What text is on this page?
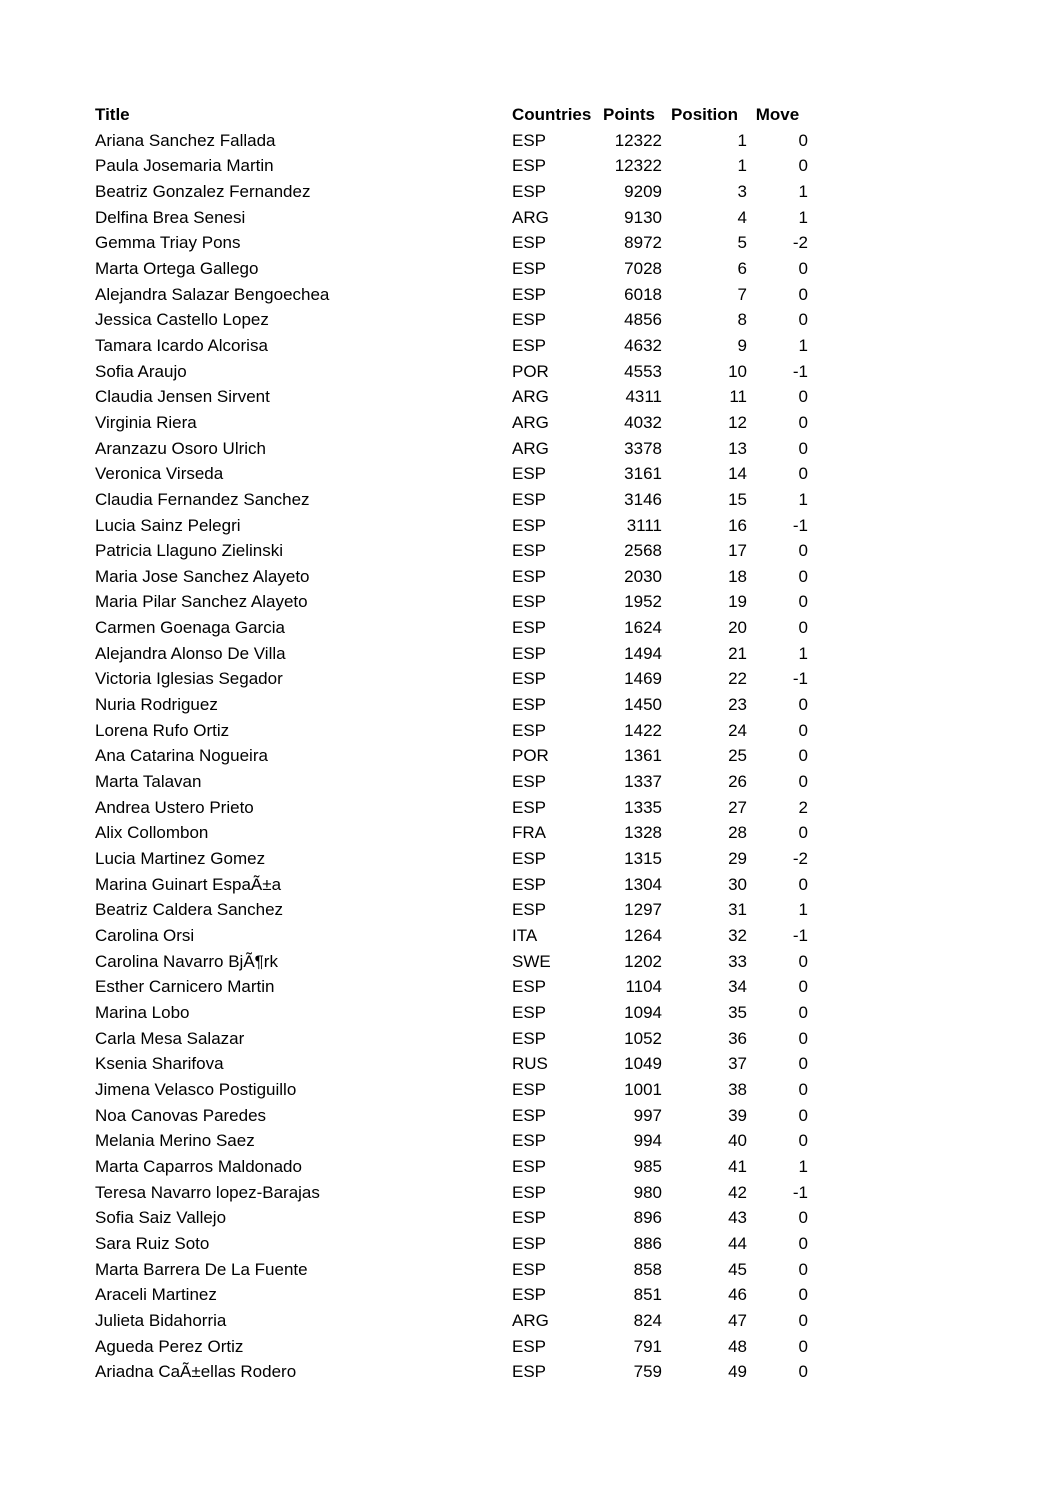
Title	Countries	Points	Position	Move
Ariana Sanchez Fallada	ESP	12322	1	0
Paula Josemaria Martin	ESP	12322	1	0
Beatriz Gonzalez Fernandez	ESP	9209	3	1
Delfina Brea Senesi	ARG	9130	4	1
Gemma Triay Pons	ESP	8972	5	-2
Marta Ortega Gallego	ESP	7028	6	0
Alejandra Salazar Bengoechea	ESP	6018	7	0
Jessica Castello Lopez	ESP	4856	8	0
Tamara Icardo Alcorisa	ESP	4632	9	1
Sofia Araujo	POR	4553	10	-1
Claudia Jensen Sirvent	ARG	4311	11	0
Virginia Riera	ARG	4032	12	0
Aranzazu Osoro Ulrich	ARG	3378	13	0
Veronica Virseda	ESP	3161	14	0
Claudia Fernandez Sanchez	ESP	3146	15	1
Lucia Sainz Pelegri	ESP	3111	16	-1
Patricia Llaguno Zielinski	ESP	2568	17	0
Maria Jose Sanchez Alayeto	ESP	2030	18	0
Maria Pilar Sanchez Alayeto	ESP	1952	19	0
Carmen Goenaga Garcia	ESP	1624	20	0
Alejandra Alonso De Villa	ESP	1494	21	1
Victoria Iglesias Segador	ESP	1469	22	-1
Nuria Rodriguez	ESP	1450	23	0
Lorena Rufo Ortiz	ESP	1422	24	0
Ana Catarina Nogueira	POR	1361	25	0
Marta Talavan	ESP	1337	26	0
Andrea Ustero Prieto	ESP	1335	27	2
Alix Collombon	FRA	1328	28	0
Lucia Martinez Gomez	ESP	1315	29	-2
Marina Guinart EspaÃ±a	ESP	1304	30	0
Beatriz Caldera Sanchez	ESP	1297	31	1
Carolina Orsi	ITA	1264	32	-1
Carolina Navarro BjÃ¶rk	SWE	1202	33	0
Esther Carnicero Martin	ESP	1104	34	0
Marina Lobo	ESP	1094	35	0
Carla Mesa Salazar	ESP	1052	36	0
Ksenia Sharifova	RUS	1049	37	0
Jimena Velasco Postiguillo	ESP	1001	38	0
Noa Canovas Paredes	ESP	997	39	0
Melania Merino Saez	ESP	994	40	0
Marta Caparros Maldonado	ESP	985	41	1
Teresa Navarro lopez-Barajas	ESP	980	42	-1
Sofia Saiz Vallejo	ESP	896	43	0
Sara Ruiz Soto	ESP	886	44	0
Marta Barrera De La Fuente	ESP	858	45	0
Araceli Martinez	ESP	851	46	0
Julieta Bidahorria	ARG	824	47	0
Agueda Perez Ortiz	ESP	791	48	0
Ariadna CaÃ±ellas Rodero	ESP	759	49	0
